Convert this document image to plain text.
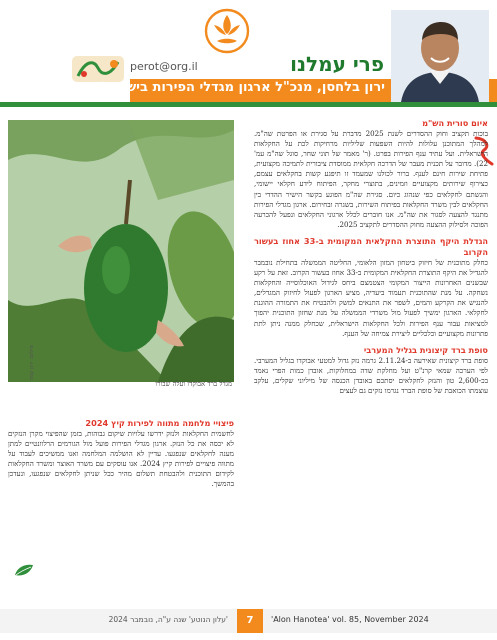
perot@org.il	פרי עמלנו
ירון בלחסן, מנכ"ל ארגון מגדלי הפירות בישראל
צילום: ירון עמר
מגדל ברד אבוקדו ועלה שבורו
איום סורית הש"מ

בוכות תקציב וחוק ההסדרים לשנת 2025 מדברת על סגירת או הפרטת שה"מ. למהלך המתוכנן עלולות להיות השפעות שליליות מרחיקות לכת על החקלאות הישראלית. ועל עתיד ענף הפירות בפרט. (ר' מאמר של תוני שחר, סוגל שה"מ עמ' 22). מדובר על תכנית מעבר של הדרכה חקלאית ממוסדת ציבורית לתמיכה מקצועית, פתיחת שירות חינם לענף. ברור לכולנו שמעמד זו תיפגע קשות בחקלאים עצמם, כצירוף שירותים מקצועיים וזמינים, בתוצרי מחקר, הפיתוח לידע חקלאי יישומי, והגשתם לחקלאים כפי שנהוג כיום. סגירת שה"מ הפוגע בקשר הישיר ההדדי בין החקלאים לבין משרד החקלאות בפיתוח השירות, בשגרה ובחירום. ארגון מגדלי הפירות מתנגד להצעה לסגור את שה"מ. אנו חוברים לכלל ארגוני החקלאים ונפעל להכרעה הפוכה ולסילוק ההצעה מחוק ההסדרים לתקציב 2025.

הגדלת היקף התוצרת החקלאית המקומית ב-33 אחוז בעשור הקרוב

כחלק מתוכנית של חיזוק ביטחון המזון הלאומי, החליטה הממשלה בתחילת נובמבר להגדיל את היקף התוצרת החקלאית המקומית ב-33 אחוז בעשור הקרוב. זאת על רקע שבשנים האחרונות הייצור המקומי הצטמצם ביחס לגידול האוכלוסייה והחקלאות נשחקה. על מנת שהתוכנית תעמוד ביעדיה, מציע הארגון לפעול לחיזוק המגדלים, להנגיש את הקרקע והמים, לשפר את התנאים למשק ולהבטיח את התמורה ההוגנת לחקלאי. הארגון ימשיך לפעול מול משרדי הממשלה על מנת שחזון התוכנית יהפוך למציאות עבור ענף הפירות ולכל החקלאות הישראלית, שכחלק ממנה ניתן לתת פתרונות מקצועיים וכלכליים ליצירת צמיחה של הענף.

סופת ברד קיצונית בגליל המערבי

סופת ברד קיצונית שאירעה ב-2.11.24 גרמה נזק גדול למטעי אבוקדו בגליל המערבי. לפי הערכה שמאי קרנ"ט ועל מחלקת שדה במחלוקות, אובדן כמות הפרי נאמד בכ-2,600 טון והנזק לחקלאים יסתכם באובדן הכנסה של מיליוני שקלים, עלקב עוצמתו הכואבת של סופת הברד נגרמו נזקים גם לעצים

פיצויי מלחמה מתווה לפירות קיץ 2024

לחשמית החקלאות ולנזק ידרשו עלויות שיקום גבוהות, בזמן שהפיצוי מקרן הנזקים לא יכסה את כל הנזק. ארגון מגדלי הפירות פועל מול הגורמים הרלוונטיים למתן מענה לחקלאים שנפגעו. עדיין לא הושלמה המלחמה ואנו ממשיכים לעבוד על מתווה פיצויים לפירות קיץ 2024. אנו עוסקים עם משרד האוצר ומשרד החקלאות לקידום התוכנית ולהבטחת תשלום מהיר ככל שניתן לחקלאים שנפגעו, ונעדכן בהמשך.

7	'Alon Hanotea' vol. 85, November 2024
'עלון הנוטע' שנה ע"ה, נובמבר 2024
